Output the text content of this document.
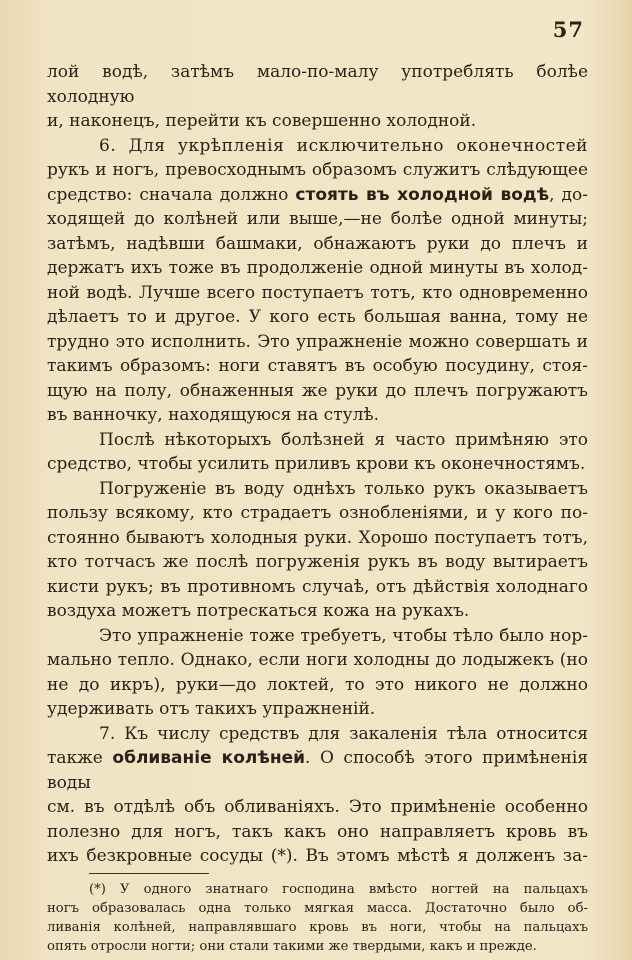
57

лой водѣ, затѣмъ мало-по-малу употреблять болѣе холодную

и, наконецъ, перейти къ совершенно холодной.

6. Для укрѣпленія исключительно оконечностей

рукъ и ногъ, превосходнымъ образомъ служитъ слѣдующее

средство: сначала должно стоять въ холодной водѣ, до-

ходящей до колѣней или выше,—не болѣе одной минуты;

затѣмъ, надѣвши башмаки, обнажаютъ руки до плечъ и

держатъ ихъ тоже въ продолженіе одной минуты въ холод-

ной водѣ. Лучше всего поступаетъ тотъ, кто одновременно

дѣлаетъ то и другое. У кого есть большая ванна, тому не

трудно это исполнить. Это упражненіе можно совершать и

такимъ образомъ: ноги ставятъ въ особую посудину, стоя-

щую на полу, обнаженныя же руки до плечъ погружаютъ

въ ванночку, находящуюся на стулѣ.

Послѣ нѣкоторыхъ болѣзней я часто примѣняю это

средство, чтобы усилить приливъ крови къ оконечностямъ.

Погруженіе въ воду однѣхъ только рукъ оказываетъ

пользу всякому, кто страдаетъ ознобленіями, и у кого по-

стоянно бываютъ холодныя руки. Хорошо поступаетъ тотъ,

кто тотчасъ же послѣ погруженія рукъ въ воду вытираетъ

кисти рукъ; въ противномъ случаѣ, отъ дѣйствія холоднаго

воздуха можетъ потрескаться кожа на рукахъ.

Это упражненіе тоже требуетъ, чтобы тѣло было нор-

мально тепло. Однако, если ноги холодны до лодыжекъ (но

не до икръ), руки—до локтей, то это никого не должно

удерживать отъ такихъ упражненій.

7. Къ числу средствъ для закаленія тѣла относится

также обливаніе колѣней. О способѣ этого примѣненія воды

см. въ отдѣлѣ объ обливаніяхъ. Это примѣненіе особенно

полезно для ногъ, такъ какъ оно направляетъ кровь въ

ихъ безкровные сосуды (*). Въ этомъ мѣстѣ я долженъ за-

(*) У одного знатнаго господина вмѣсто ногтей на пальцахъ

ногъ образовалась одна только мягкая масса. Достаточно было об-

ливанія колѣней, направлявшаго кровь въ ноги, чтобы на пальцахъ

опять отросли ногти; они стали такими же твердыми, какъ и прежде.
